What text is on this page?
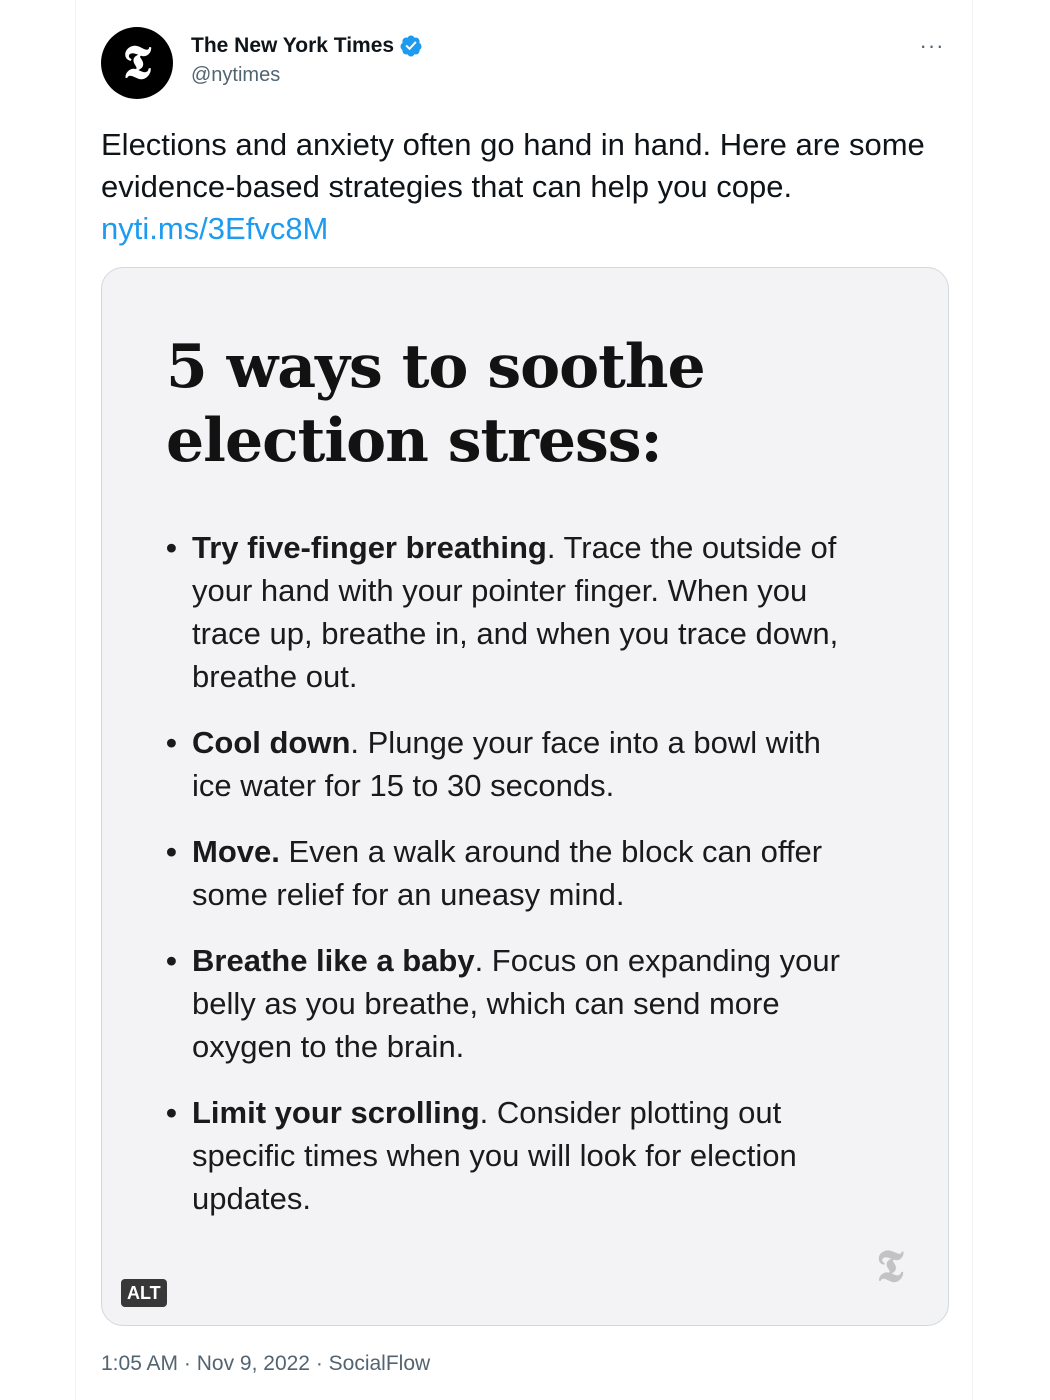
𝕿 The New York Times
@nytimes
···
Elections and anxiety often go hand in hand. Here are some evidence-based strategies that can help you cope. nyti.ms/3Efvc8M
5 ways to soothe election stress:
• Try five-finger breathing. Trace the outside of your hand with your pointer finger. When you trace up, breathe in, and when you trace down, breathe out.
• Cool down. Plunge your face into a bowl with ice water for 15 to 30 seconds.
• Move. Even a walk around the block can offer some relief for an uneasy mind.
• Breathe like a baby. Focus on expanding your belly as you breathe, which can send more oxygen to the brain.
• Limit your scrolling. Consider plotting out specific times when you will look for election updates.
𝕿
ALT
1:05 AM · Nov 9, 2022 · SocialFlow
